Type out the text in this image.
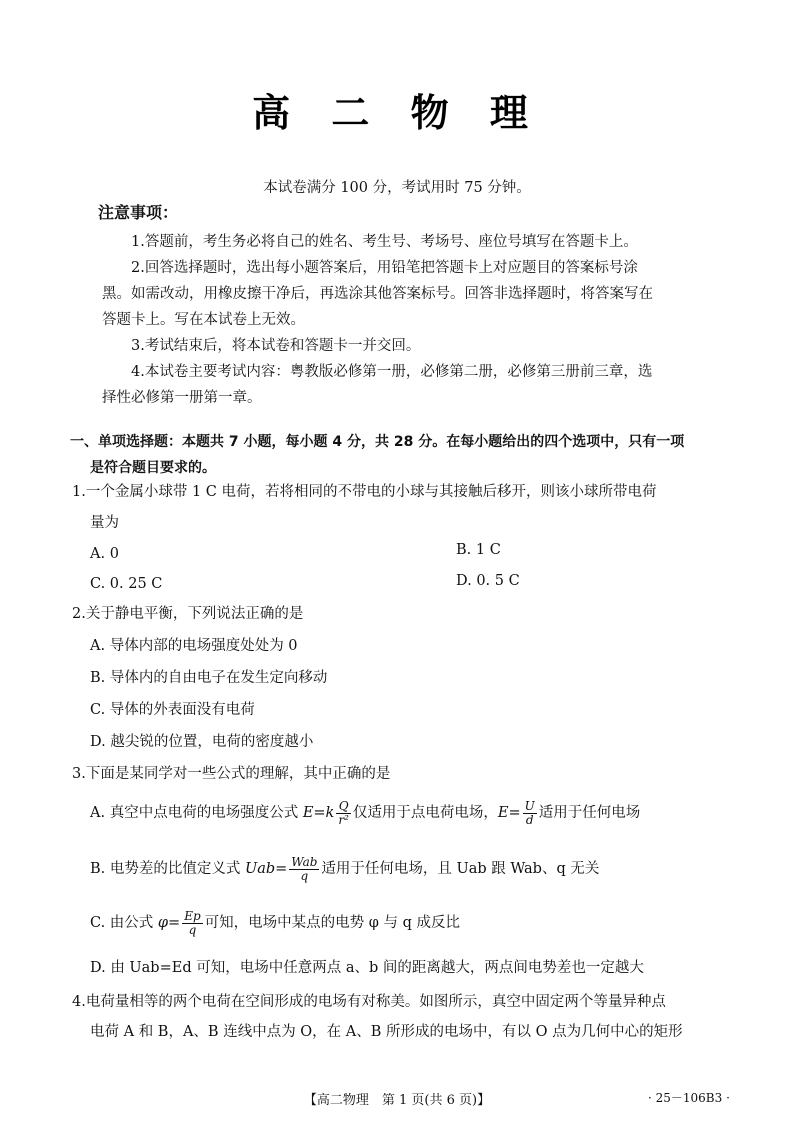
高 二 物 理
本试卷满分 100 分，考试用时 75 分钟。
注意事项：
1.答题前，考生务必将自己的姓名、考生号、考场号、座位号填写在答题卡上。
2.回答选择题时，选出每小题答案后，用铅笔把答题卡上对应题目的答案标号涂
黑。如需改动，用橡皮擦干净后，再选涂其他答案标号。回答非选择题时，将答案写在
答题卡上。写在本试卷上无效。
3.考试结束后，将本试卷和答题卡一并交回。
4.本试卷主要考试内容：粤教版必修第一册，必修第二册，必修第三册前三章，选
择性必修第一册第一章。
一、单项选择题：本题共 7 小题，每小题 4 分，共 28 分。在每小题给出的四个选项中，只有一项
是符合题目要求的。
1.一个金属小球带 1 C 电荷，若将相同的不带电的小球与其接触后移开，则该小球所带电荷
量为
A. 0	B. 1 C
C. 0. 25 C	D. 0. 5 C
2.关于静电平衡，下列说法正确的是
A. 导体内部的电场强度处处为 0
B. 导体内的自由电子在发生定向移动
C. 导体的外表面没有电荷
D. 越尖锐的位置，电荷的密度越小
3.下面是某同学对一些公式的理解，其中正确的是
A. 真空中点电荷的电场强度公式 $E=k \frac{Q}{\text{r²}}$ 仅适用于点电荷电场，$E= \frac{U}{d}$ 适用于任何电场
B. 电势差的比值定义式 $Uab= \frac{\text{Wab}}{q}$ 适用于任何电场，且 Uab 跟 Wab、q 无关
C. 由公式 $\varphi= \frac{Ep}{q}$ 可知，电场中某点的电势 φ 与 q 成反比
D. 由 Uab=Ed 可知，电场中任意两点 a、b 间的距离越大，两点间电势差也一定越大
4.电荷量相等的两个电荷在空间形成的电场有对称美。如图所示，真空中固定两个等量异种点
电荷 A 和 B，A、B 连线中点为 O，在 A、B 所形成的电场中，有以 O 点为几何中心的矩形
【高二物理　第 1 页(共 6 页)】	· 25－106B3 ·
